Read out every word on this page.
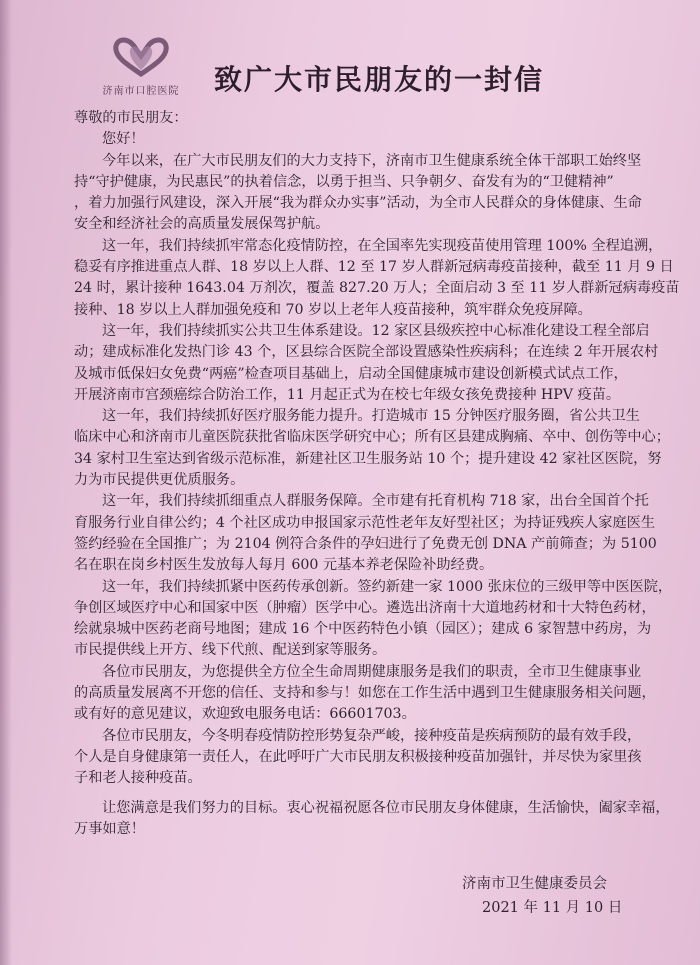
济南市口腔医院	致广大市民朋友的一封信
尊敬的市民朋友：
您好！
今年以来，在广大市民朋友们的大力支持下，济南市卫生健康系统全体干部职工始终坚
持“守护健康，为民惠民”的执着信念，以勇于担当、只争朝夕、奋发有为的“卫健精神”
，着力加强行风建设，深入开展“我为群众办实事”活动，为全市人民群众的身体健康、生命
安全和经济社会的高质量发展保驾护航。
这一年，我们持续抓牢常态化疫情防控，在全国率先实现疫苗使用管理 100% 全程追溯，
稳妥有序推进重点人群、18 岁以上人群、12 至 17 岁人群新冠病毒疫苗接种，截至 11 月 9 日
24 时，累计接种 1643.04 万剂次，覆盖 827.20 万人；全面启动 3 至 11 岁人群新冠病毒疫苗
接种、18 岁以上人群加强免疫和 70 岁以上老年人疫苗接种，筑牢群众免疫屏障。
这一年，我们持续抓实公共卫生体系建设。12 家区县级疾控中心标准化建设工程全部启
动；建成标准化发热门诊 43 个，区县综合医院全部设置感染性疾病科；在连续 2 年开展农村
及城市低保妇女免费“两癌”检查项目基础上，启动全国健康城市建设创新模式试点工作，
开展济南市宫颈癌综合防治工作，11 月起正式为在校七年级女孩免费接种 HPV 疫苗。
这一年，我们持续抓好医疗服务能力提升。打造城市 15 分钟医疗服务圈，省公共卫生
临床中心和济南市儿童医院获批省临床医学研究中心；所有区县建成胸痛、卒中、创伤等中心；
34 家村卫生室达到省级示范标准，新建社区卫生服务站 10 个；提升建设 42 家社区医院，努
力为市民提供更优质服务。
这一年，我们持续抓细重点人群服务保障。全市建有托育机构 718 家，出台全国首个托
育服务行业自律公约；4 个社区成功申报国家示范性老年友好型社区；为持证残疾人家庭医生
签约经验在全国推广；为 2104 例符合条件的孕妇进行了免费无创 DNA 产前筛查；为 5100
名在职在岗乡村医生发放每人每月 600 元基本养老保险补助经费。
这一年，我们持续抓紧中医药传承创新。签约新建一家 1000 张床位的三级甲等中医医院，
争创区域医疗中心和国家中医（肿瘤）医学中心。遴选出济南十大道地药材和十大特色药材，
绘就泉城中医药老商号地图；建成 16 个中医药特色小镇（园区）；建成 6 家智慧中药房，为
市民提供线上开方、线下代煎、配送到家等服务。
各位市民朋友，为您提供全方位全生命周期健康服务是我们的职责，全市卫生健康事业
的高质量发展离不开您的信任、支持和参与！如您在工作生活中遇到卫生健康服务相关问题，
或有好的意见建议，欢迎致电服务电话：66601703。
各位市民朋友，今冬明春疫情防控形势复杂严峻，接种疫苗是疾病预防的最有效手段，
个人是自身健康第一责任人，在此呼吁广大市民朋友积极接种疫苗加强针，并尽快为家里孩
子和老人接种疫苗。
让您满意是我们努力的目标。衷心祝福祝愿各位市民朋友身体健康，生活愉快，阖家幸福，
万事如意！
济南市卫生健康委员会
2021 年 11 月 10 日
